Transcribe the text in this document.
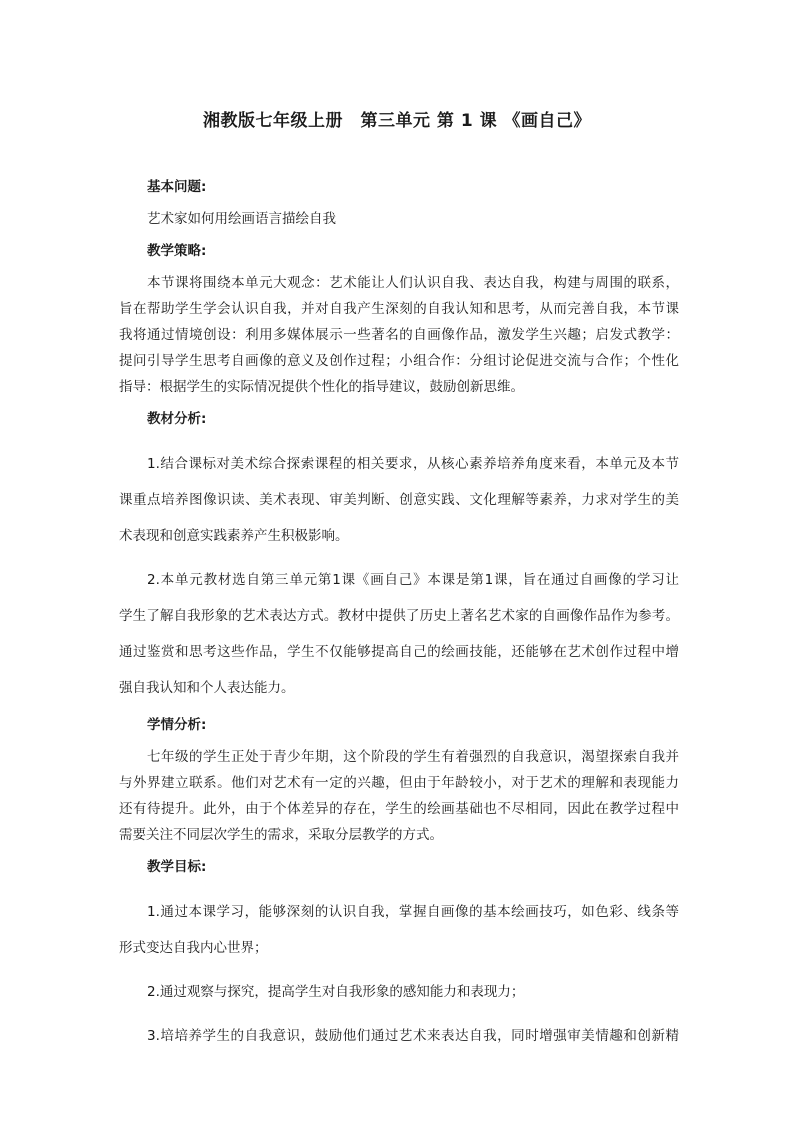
湘教版七年级上册　第三单元 第 1 课 《画自己》
基本问题:
艺术家如何用绘画语言描绘自我
教学策略:
本节课将围绕本单元大观念：艺术能让人们认识自我、表达自我，构建与周围的联系，
旨在帮助学生学会认识自我，并对自我产生深刻的自我认知和思考，从而完善自我，本节课
我将通过情境创设：利用多媒体展示一些著名的自画像作品，激发学生兴趣；启发式教学：
提问引导学生思考自画像的意义及创作过程；小组合作：分组讨论促进交流与合作；个性化
指导：根据学生的实际情况提供个性化的指导建议，鼓励创新思维。
教材分析:
1.结合课标对美术综合探索课程的相关要求，从核心素养培养角度来看，本单元及本节
课重点培养图像识读、美术表现、审美判断、创意实践、文化理解等素养，力求对学生的美
术表现和创意实践素养产生积极影响。
2.本单元教材选自第三单元第1课《画自己》本课是第1课，旨在通过自画像的学习让
学生了解自我形象的艺术表达方式。教材中提供了历史上著名艺术家的自画像作品作为参考。
通过鉴赏和思考这些作品，学生不仅能够提高自己的绘画技能，还能够在艺术创作过程中增
强自我认知和个人表达能力。
学情分析:
七年级的学生正处于青少年期，这个阶段的学生有着强烈的自我意识，渴望探索自我并
与外界建立联系。他们对艺术有一定的兴趣，但由于年龄较小，对于艺术的理解和表现能力
还有待提升。此外，由于个体差异的存在，学生的绘画基础也不尽相同，因此在教学过程中
需要关注不同层次学生的需求，采取分层教学的方式。
教学目标:
1.通过本课学习，能够深刻的认识自我，掌握自画像的基本绘画技巧，如色彩、线条等
形式变达自我内心世界；
2.通过观察与探究，提高学生对自我形象的感知能力和表现力；
3.培培养学生的自我意识，鼓励他们通过艺术来表达自我，同时增强审美情趣和创新精
